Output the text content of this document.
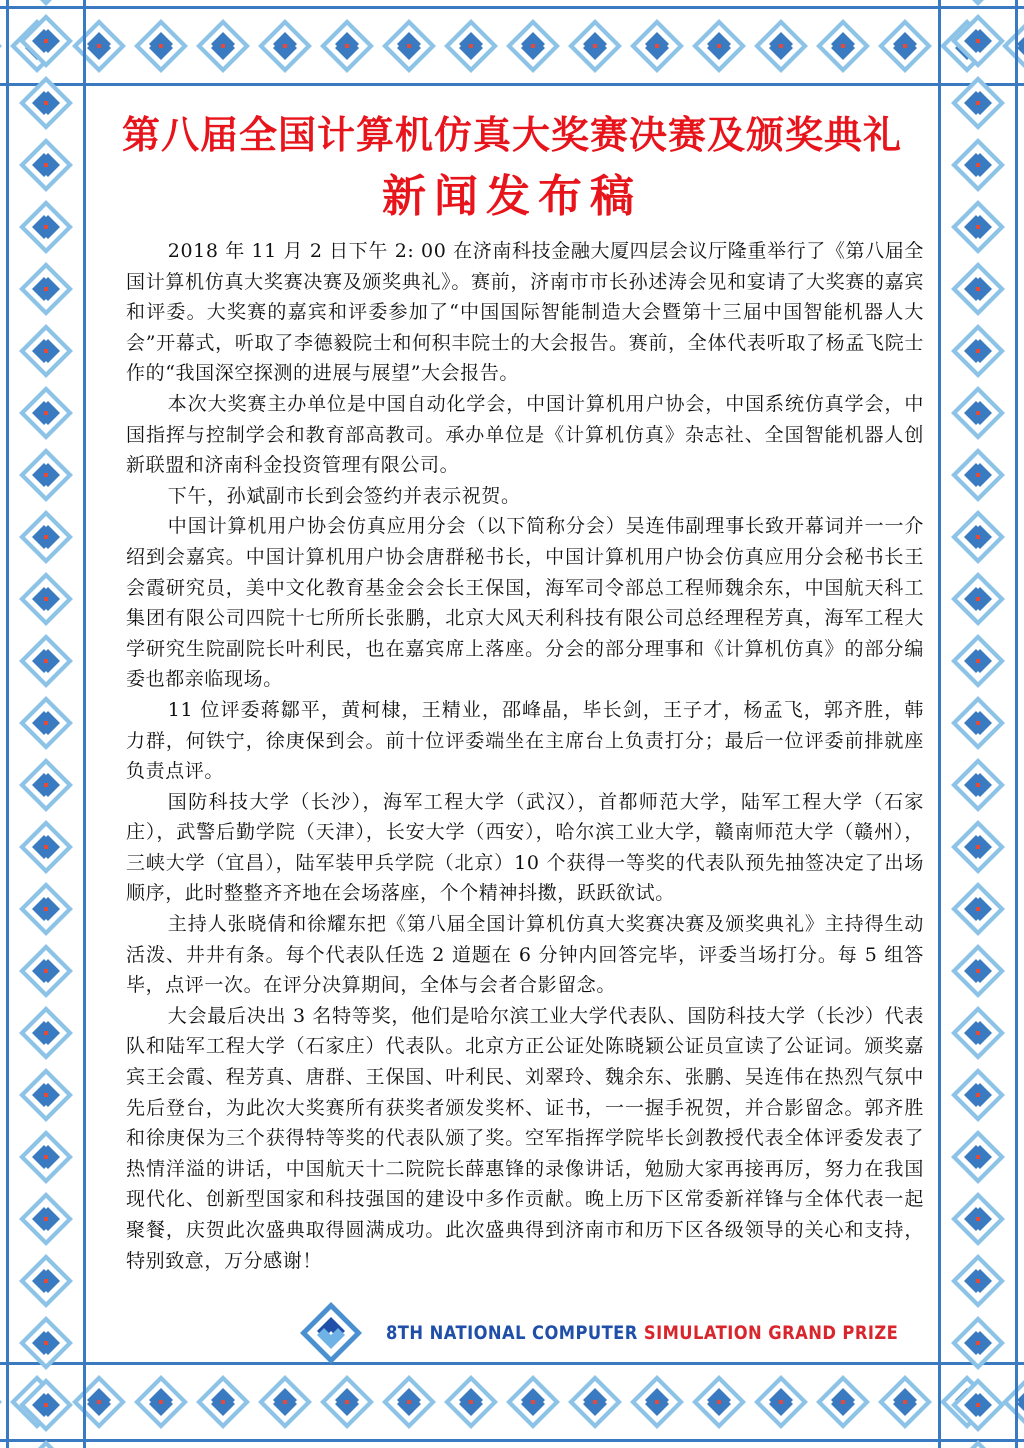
第八届全国计算机仿真大奖赛决赛及颁奖典礼
新闻发布稿

2018 年 11 月 2 日下午 2: 00 在济南科技金融大厦四层会议厅隆重举行了《第八届全国计算机仿真大奖赛决赛及颁奖典礼》。赛前，济南市市长孙述涛会见和宴请了大奖赛的嘉宾和评委。大奖赛的嘉宾和评委参加了“中国国际智能制造大会暨第十三届中国智能机器人大会”开幕式，听取了李德毅院士和何积丰院士的大会报告。赛前，全体代表听取了杨孟飞院士作的“我国深空探测的进展与展望”大会报告。

本次大奖赛主办单位是中国自动化学会，中国计算机用户协会，中国系统仿真学会，中国指挥与控制学会和教育部高教司。承办单位是《计算机仿真》杂志社、全国智能机器人创新联盟和济南科金投资管理有限公司。

下午，孙斌副市长到会签约并表示祝贺。

中国计算机用户协会仿真应用分会（以下简称分会）吴连伟副理事长致开幕词并一一介绍到会嘉宾。中国计算机用户协会唐群秘书长，中国计算机用户协会仿真应用分会秘书长王会霞研究员，美中文化教育基金会会长王保国，海军司令部总工程师魏余东，中国航天科工集团有限公司四院十七所所长张鹏，北京大风天利科技有限公司总经理程芳真，海军工程大学研究生院副院长叶利民，也在嘉宾席上落座。分会的部分理事和《计算机仿真》的部分编委也都亲临现场。

11 位评委蒋鄒平，黄柯棣，王精业，邵峰晶，毕长剑，王子才，杨孟飞，郭齐胜，韩力群，何铁宁，徐庚保到会。前十位评委端坐在主席台上负责打分；最后一位评委前排就座负责点评。

国防科技大学（长沙），海军工程大学（武汉），首都师范大学，陆军工程大学（石家庄），武警后勤学院（天津），长安大学（西安），哈尔滨工业大学，赣南师范大学（赣州），三峡大学（宜昌），陆军装甲兵学院（北京）10 个获得一等奖的代表队预先抽签决定了出场顺序，此时整整齐齐地在会场落座，个个精神抖擞，跃跃欲试。

主持人张晓倩和徐耀东把《第八届全国计算机仿真大奖赛决赛及颁奖典礼》主持得生动活泼、井井有条。每个代表队任选 2 道题在 6 分钟内回答完毕，评委当场打分。每 5 组答毕，点评一次。在评分决算期间，全体与会者合影留念。

大会最后决出 3 名特等奖，他们是哈尔滨工业大学代表队、国防科技大学（长沙）代表队和陆军工程大学（石家庄）代表队。北京方正公证处陈晓颖公证员宣读了公证词。颁奖嘉宾王会霞、程芳真、唐群、王保国、叶利民、刘翠玲、魏余东、张鹏、吴连伟在热烈气氛中先后登台，为此次大奖赛所有获奖者颁发奖杯、证书，一一握手祝贺，并合影留念。郭齐胜和徐庚保为三个获得特等奖的代表队颁了奖。空军指挥学院毕长剑教授代表全体评委发表了热情洋溢的讲话，中国航天十二院院长薛惠锋的录像讲话，勉励大家再接再厉，努力在我国现代化、创新型国家和科技强国的建设中多作贡献。晚上历下区常委新祥锋与全体代表一起聚餐，庆贺此次盛典取得圆满成功。此次盛典得到济南市和历下区各级领导的关心和支持，特别致意，万分感谢！

8TH NATIONAL COMPUTER SIMULATION GRAND PRIZE
